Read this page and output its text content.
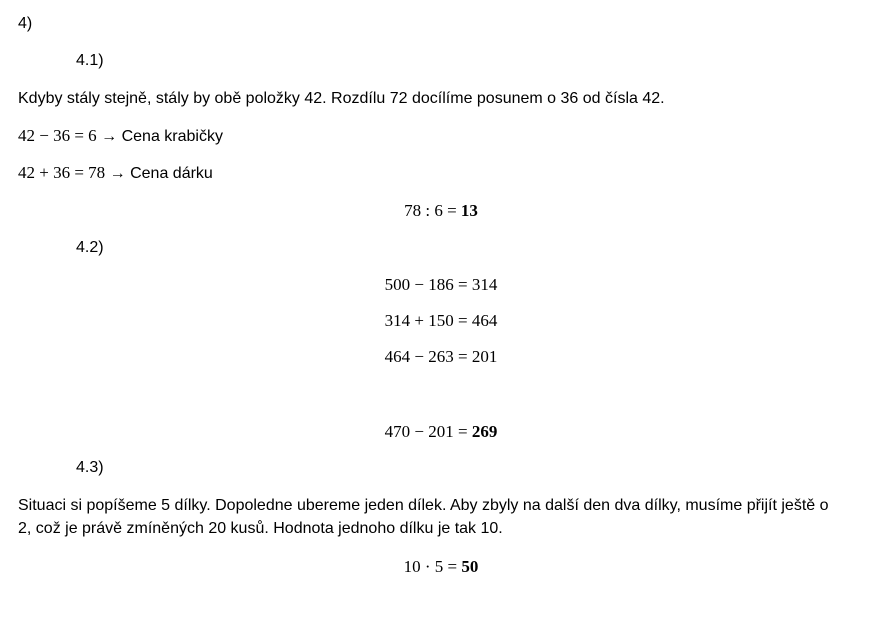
4)
4.1)
Kdyby stály stejně, stály by obě položky 42. Rozdílu 72 docílíme posunem o 36 od čísla 42.
42 − 36 = 6 → Cena krabičky
42 + 36 = 78 → Cena dárku
78 : 6 = 13
4.2)
500 − 186 = 314
314 + 150 = 464
464 − 263 = 201
470 − 201 = 269
4.3)
Situaci si popíšeme 5 dílky. Dopoledne ubereme jeden dílek. Aby zbyly na další den dva dílky, musíme přijít ještě o
2, což je právě zmíněných 20 kusů. Hodnota jednoho dílku je tak 10.
10 · 5 = 50
